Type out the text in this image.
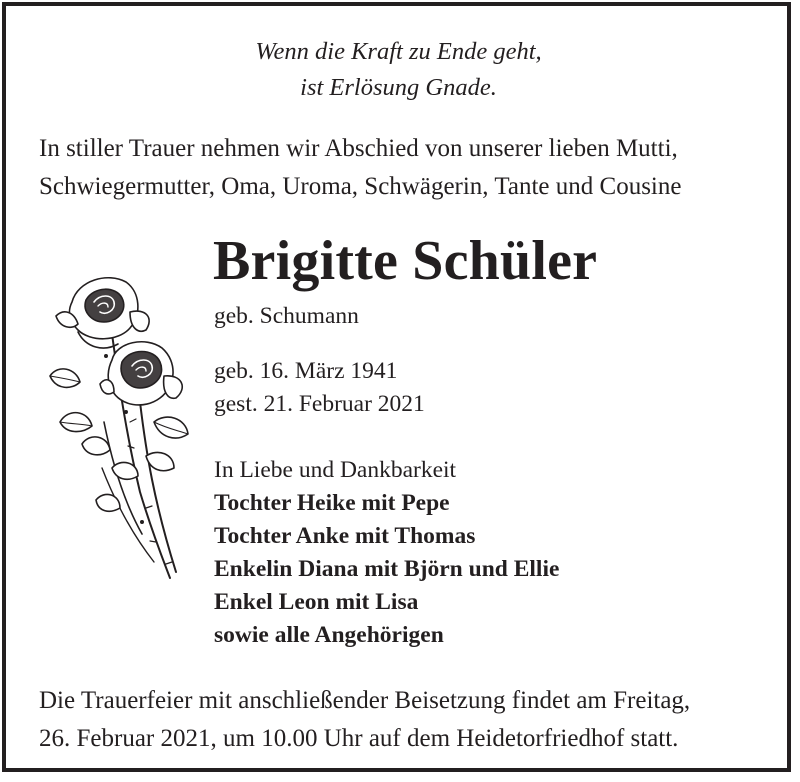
Wenn die Kraft zu Ende geht,
ist Erlösung Gnade.
In stiller Trauer nehmen wir Abschied von unserer lieben Mutti,
Schwiegermutter, Oma, Uroma, Schwägerin, Tante und Cousine
Brigitte Schüler
geb. Schumann
geb. 16. März 1941
gest. 21. Februar 2021
In Liebe und Dankbarkeit
Tochter Heike mit Pepe
Tochter Anke mit Thomas
Enkelin Diana mit Björn und Ellie
Enkel Leon mit Lisa
sowie alle Angehörigen
Die Trauerfeier mit anschließender Beisetzung findet am Freitag,
26. Februar 2021, um 10.00 Uhr auf dem Heidetorfriedhof statt.
